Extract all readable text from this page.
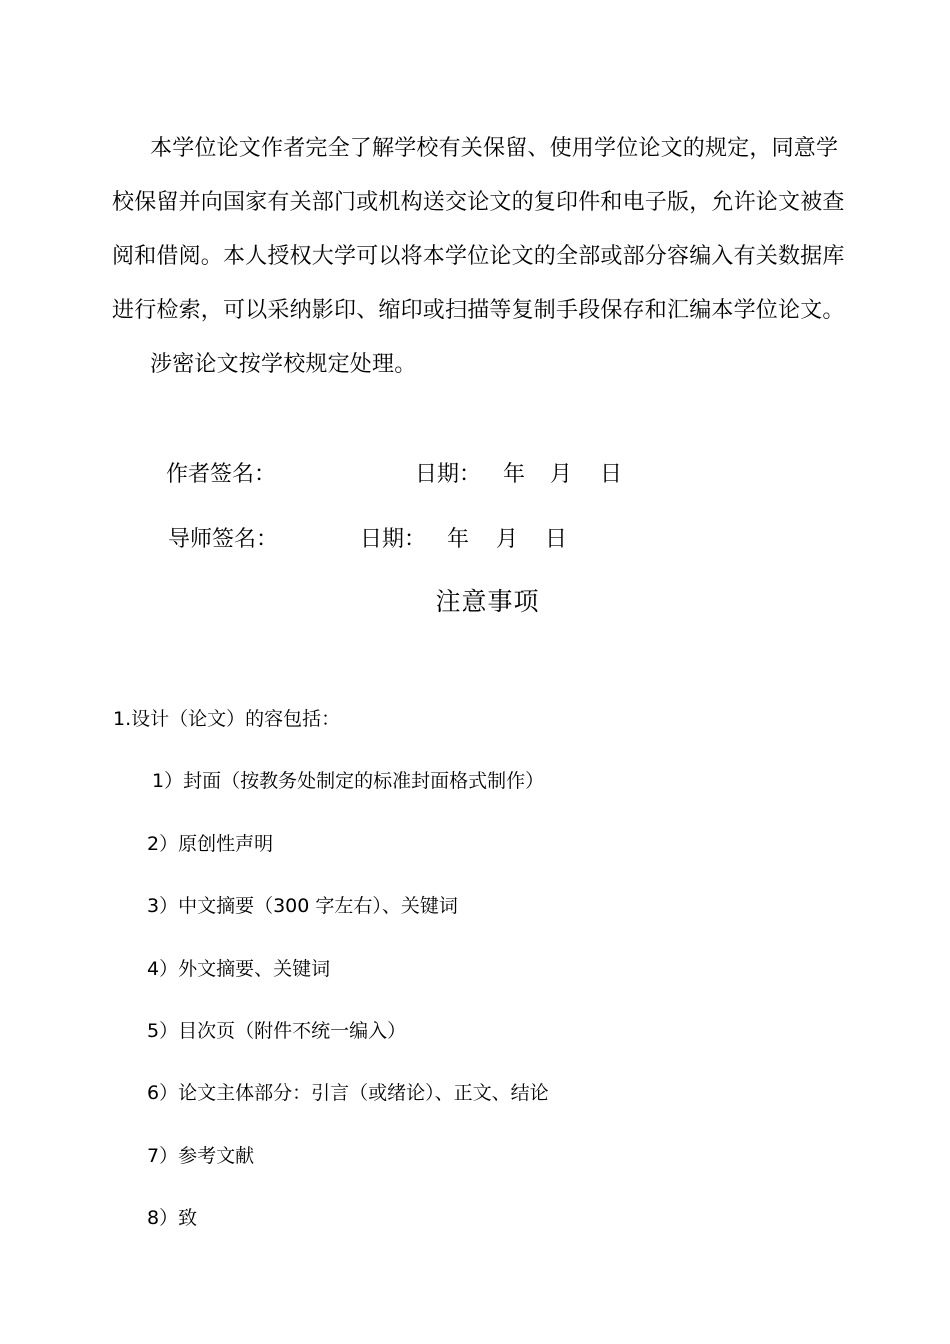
本学位论文作者完全了解学校有关保留、使用学位论文的规定，同意学
校保留并向国家有关部门或机构送交论文的复印件和电子版，允许论文被查
阅和借阅。本人授权大学可以将本学位论文的全部或部分容编入有关数据库
进行检索，可以采纳影印、缩印或扫描等复制手段保存和汇编本学位论文。
涉密论文按学校规定处理。
作者签名：	日期： 年 月 日
导师签名：	日期： 年 月 日
注意事项
1.设计（论文）的容包括：
1）封面（按教务处制定的标准封面格式制作）
2）原创性声明
3）中文摘要（300 字左右）、关键词
4）外文摘要、关键词
5）目次页（附件不统一编入）
6）论文主体部分：引言（或绪论）、正文、结论
7）参考文献
8）致
